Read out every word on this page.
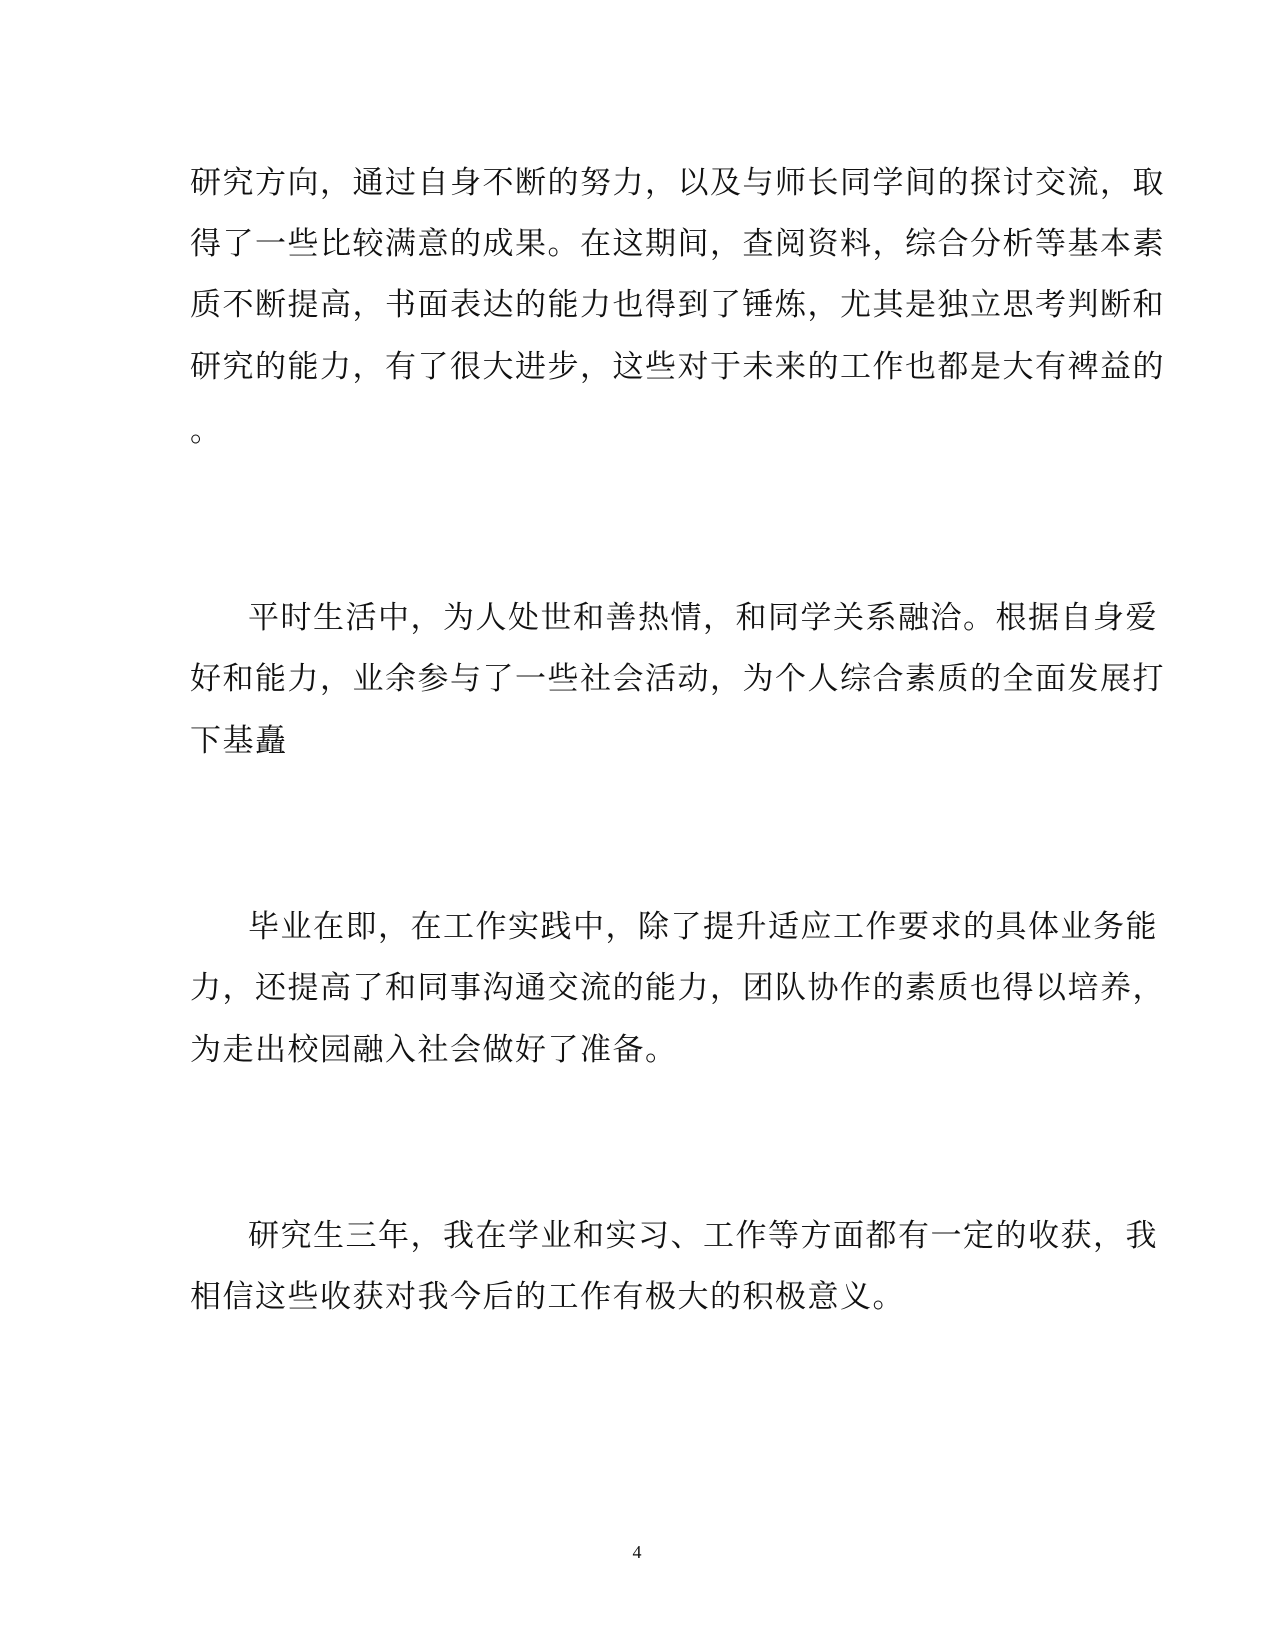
研究方向，通过自身不断的努力，以及与师长同学间的探讨交流，取
得了一些比较满意的成果。在这期间，查阅资料，综合分析等基本素
质不断提高，书面表达的能力也得到了锤炼，尤其是独立思考判断和
研究的能力，有了很大进步，这些对于未来的工作也都是大有裨益的
。
平时生活中，为人处世和善热情，和同学关系融洽。根据自身爱
好和能力，业余参与了一些社会活动，为个人综合素质的全面发展打
下基矗
毕业在即，在工作实践中，除了提升适应工作要求的具体业务能
力，还提高了和同事沟通交流的能力，团队协作的素质也得以培养，
为走出校园融入社会做好了准备。
研究生三年，我在学业和实习、工作等方面都有一定的收获，我
相信这些收获对我今后的工作有极大的积极意义。
4
